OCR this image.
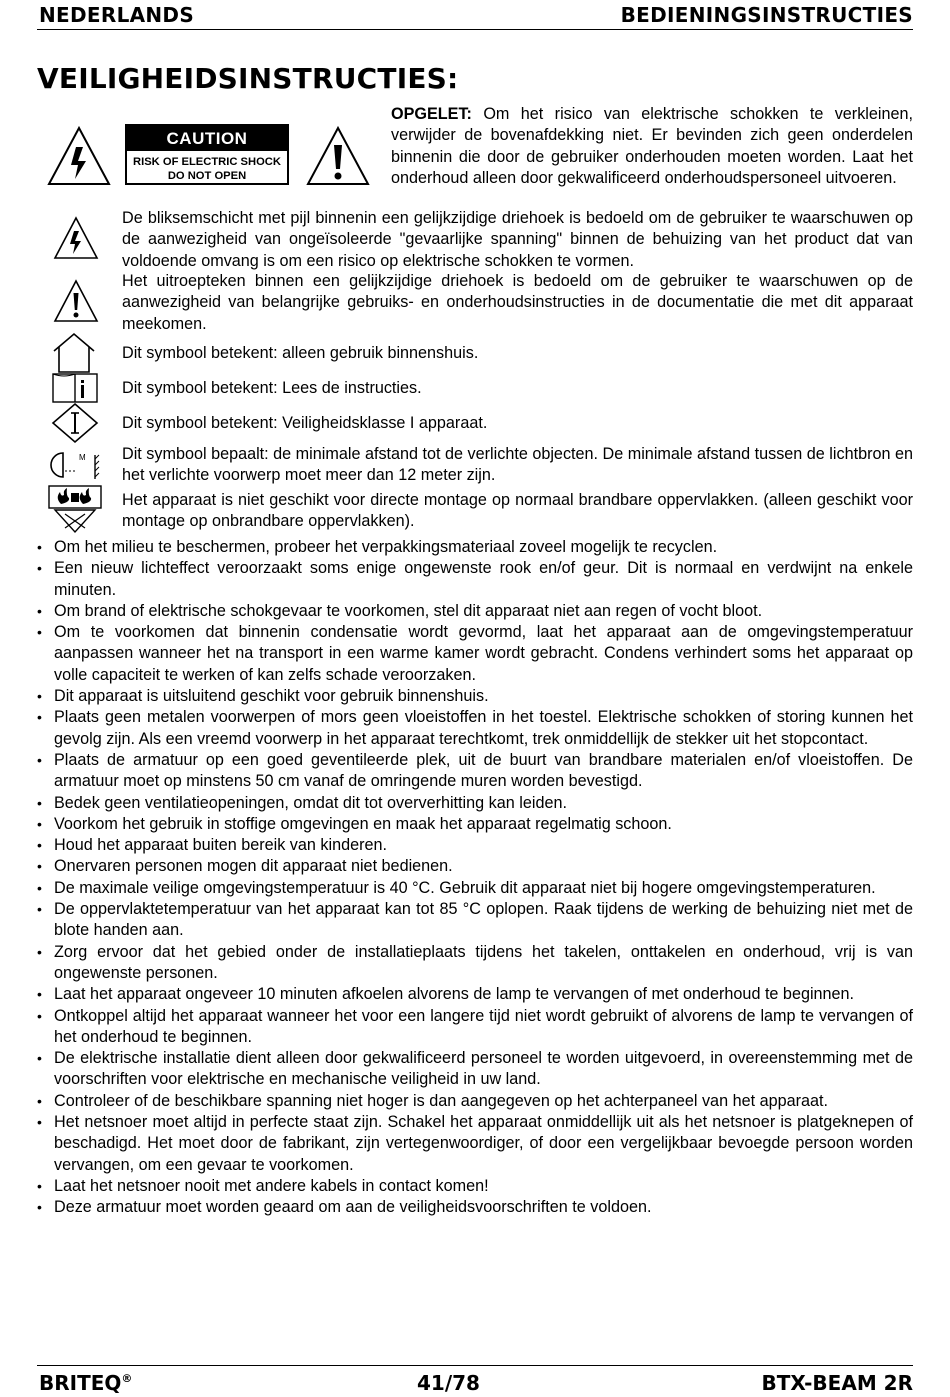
NEDERLANDS	BEDIENINGSINSTRUCTIES
VEILIGHEIDSINSTRUCTIES:
CAUTION
RISK OF ELECTRIC SHOCK
DO NOT OPEN
OPGELET: Om het risico van elektrische schokken te verkleinen, verwijder de bovenafdekking niet. Er bevinden zich geen onderdelen binnenin die door de gebruiker onderhouden moeten worden. Laat het onderhoud alleen door gekwalificeerd onderhoudspersoneel uitvoeren.
De bliksemschicht met pijl binnenin een gelijkzijdige driehoek is bedoeld om de gebruiker te waarschuwen op de aanwezigheid van ongeïsoleerde "gevaarlijke spanning" binnen de behuizing van het product dat van voldoende omvang is om een risico op elektrische schokken te vormen.
Het uitroepteken binnen een gelijkzijdige driehoek is bedoeld om de gebruiker te waarschuwen op de aanwezigheid van belangrijke gebruiks- en onderhoudsinstructies in de documentatie die met dit apparaat meekomen.
Dit symbool betekent: alleen gebruik binnenshuis.
Dit symbool betekent: Lees de instructies.
Dit symbool betekent: Veiligheidsklasse I apparaat.
M Dit symbool bepaalt: de minimale afstand tot de verlichte objecten. De minimale afstand tussen de lichtbron en het verlichte voorwerp moet meer dan 12 meter zijn.
Het apparaat is niet geschikt voor directe montage op normaal brandbare oppervlakken. (alleen geschikt voor montage op onbrandbare oppervlakken).
• Om het milieu te beschermen, probeer het verpakkingsmateriaal zoveel mogelijk te recyclen.
• Een nieuw lichteffect veroorzaakt soms enige ongewenste rook en/of geur. Dit is normaal en verdwijnt na enkele minuten.
• Om brand of elektrische schokgevaar te voorkomen, stel dit apparaat niet aan regen of vocht bloot.
• Om te voorkomen dat binnenin condensatie wordt gevormd, laat het apparaat aan de omgevingstemperatuur aanpassen wanneer het na transport in een warme kamer wordt gebracht. Condens verhindert soms het apparaat op volle capaciteit te werken of kan zelfs schade veroorzaken.
• Dit apparaat is uitsluitend geschikt voor gebruik binnenshuis.
• Plaats geen metalen voorwerpen of mors geen vloeistoffen in het toestel. Elektrische schokken of storing kunnen het gevolg zijn. Als een vreemd voorwerp in het apparaat terechtkomt, trek onmiddellijk de stekker uit het stopcontact.
• Plaats de armatuur op een goed geventileerde plek, uit de buurt van brandbare materialen en/of vloeistoffen. De armatuur moet op minstens 50 cm vanaf de omringende muren worden bevestigd.
• Bedek geen ventilatieopeningen, omdat dit tot oververhitting kan leiden.
• Voorkom het gebruik in stoffige omgevingen en maak het apparaat regelmatig schoon.
• Houd het apparaat buiten bereik van kinderen.
• Onervaren personen mogen dit apparaat niet bedienen.
• De maximale veilige omgevingstemperatuur is 40 °C. Gebruik dit apparaat niet bij hogere omgevingstemperaturen.
• De oppervlaktetemperatuur van het apparaat kan tot 85 °C oplopen. Raak tijdens de werking de behuizing niet met de blote handen aan.
• Zorg ervoor dat het gebied onder de installatieplaats tijdens het takelen, onttakelen en onderhoud, vrij is van ongewenste personen.
• Laat het apparaat ongeveer 10 minuten afkoelen alvorens de lamp te vervangen of met onderhoud te beginnen.
• Ontkoppel altijd het apparaat wanneer het voor een langere tijd niet wordt gebruikt of alvorens de lamp te vervangen of het onderhoud te beginnen.
• De elektrische installatie dient alleen door gekwalificeerd personeel te worden uitgevoerd, in overeenstemming met de voorschriften voor elektrische en mechanische veiligheid in uw land.
• Controleer of de beschikbare spanning niet hoger is dan aangegeven op het achterpaneel van het apparaat.
• Het netsnoer moet altijd in perfecte staat zijn. Schakel het apparaat onmiddellijk uit als het netsnoer is platgeknepen of beschadigd. Het moet door de fabrikant, zijn vertegenwoordiger, of door een vergelijkbaar bevoegde persoon worden vervangen, om een gevaar te voorkomen.
• Laat het netsnoer nooit met andere kabels in contact komen!
• Deze armatuur moet worden geaard om aan de veiligheidsvoorschriften te voldoen.
BRITEQ®	41/78	BTX-BEAM 2R
